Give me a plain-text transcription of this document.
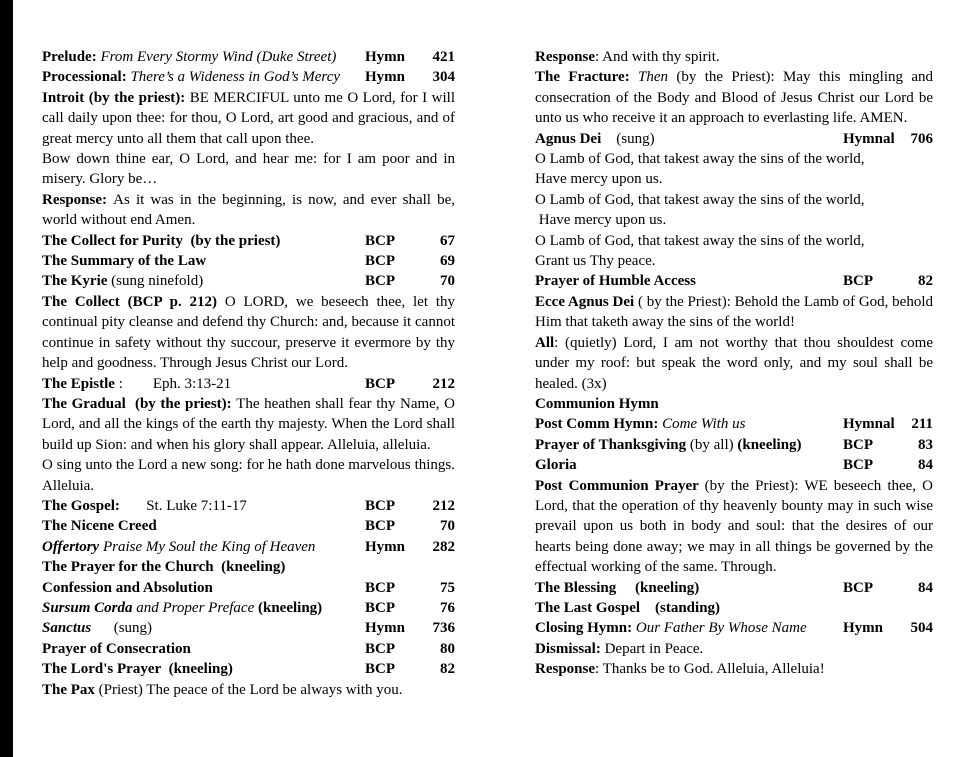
Prelude: From Every Stormy Wind (Duke Street) Hymn	421
Processional: There’s a Wideness in God’s Mercy Hymn	304
Introit (by the priest): BE MERCIFUL unto me O Lord, for I will call daily upon thee: for thou, O Lord, art good and gracious, and of great mercy unto all them that call upon thee.
Bow down thine ear, O Lord, and hear me: for I am poor and in misery. Glory be…
Response: As it was in the beginning, is now, and ever shall be, world without end Amen.
The Collect for Purity  (by the priest)	BCP	67
The Summary of the Law	BCP	69
The Kyrie (sung ninefold)	BCP	70
The Collect (BCP p. 212) O LORD, we beseech thee, let thy continual pity cleanse and defend thy Church: and, because it cannot continue in safety without thy succour, preserve it evermore by thy help and goodness. Through Jesus Christ our Lord.
The Epistle :        Eph. 3:13-21	BCP	212
The Gradual  (by the priest): The heathen shall fear thy Name, O Lord, and all the kings of the earth thy majesty. When the Lord shall build up Sion: and when his glory shall appear. Alleluia, alleluia.
O sing unto the Lord a new song: for he hath done marvelous things. Alleluia.
The Gospel:       St. Luke 7:11-17	BCP	212
The Nicene Creed	BCP	70
Offertory Praise My Soul the King of Heaven	Hymn	282
The Prayer for the Church  (kneeling)
Confession and Absolution	BCP	75
Sursum Corda and Proper Preface (kneeling)	BCP	76
Sanctus      (sung)	Hymn	736
Prayer of Consecration	BCP	80
The Lord's Prayer  (kneeling)	BCP	82
The Pax (Priest) The peace of the Lord be always with you.
Response: And with thy spirit.
The Fracture: Then (by the Priest): May this mingling and consecration of the Body and Blood of Jesus Christ our Lord be unto us who receive it an approach to everlasting life. AMEN.
Agnus Dei    (sung)	Hymnal	706
O Lamb of God, that takest away the sins of the world,
Have mercy upon us.
O Lamb of God, that takest away the sins of the world,
Have mercy upon us.
O Lamb of God, that takest away the sins of the world,
Grant us Thy peace.
Prayer of Humble Access	BCP	82
Ecce Agnus Dei ( by the Priest): Behold the Lamb of God, behold Him that taketh away the sins of the world!
All: (quietly) Lord, I am not worthy that thou shouldest come under my roof: but speak the word only, and my soul shall be healed. (3x)
Communion Hymn
Post Comm Hymn: Come With us	Hymnal	211
Prayer of Thanksgiving (by all) (kneeling)	BCP	83
Gloria	BCP	84
Post Communion Prayer (by the Priest): WE beseech thee, O Lord, that the operation of thy heavenly bounty may in such wise prevail upon us both in body and soul: that the desires of our hearts being done away; we may in all things be governed by the effectual working of the same. Through.
The Blessing (kneeling)	BCP	84
The Last Gospel (standing)
Closing Hymn: Our Father By Whose Name Hymn	504
Dismissal: Depart in Peace.
Response: Thanks be to God. Alleluia, Alleluia!
